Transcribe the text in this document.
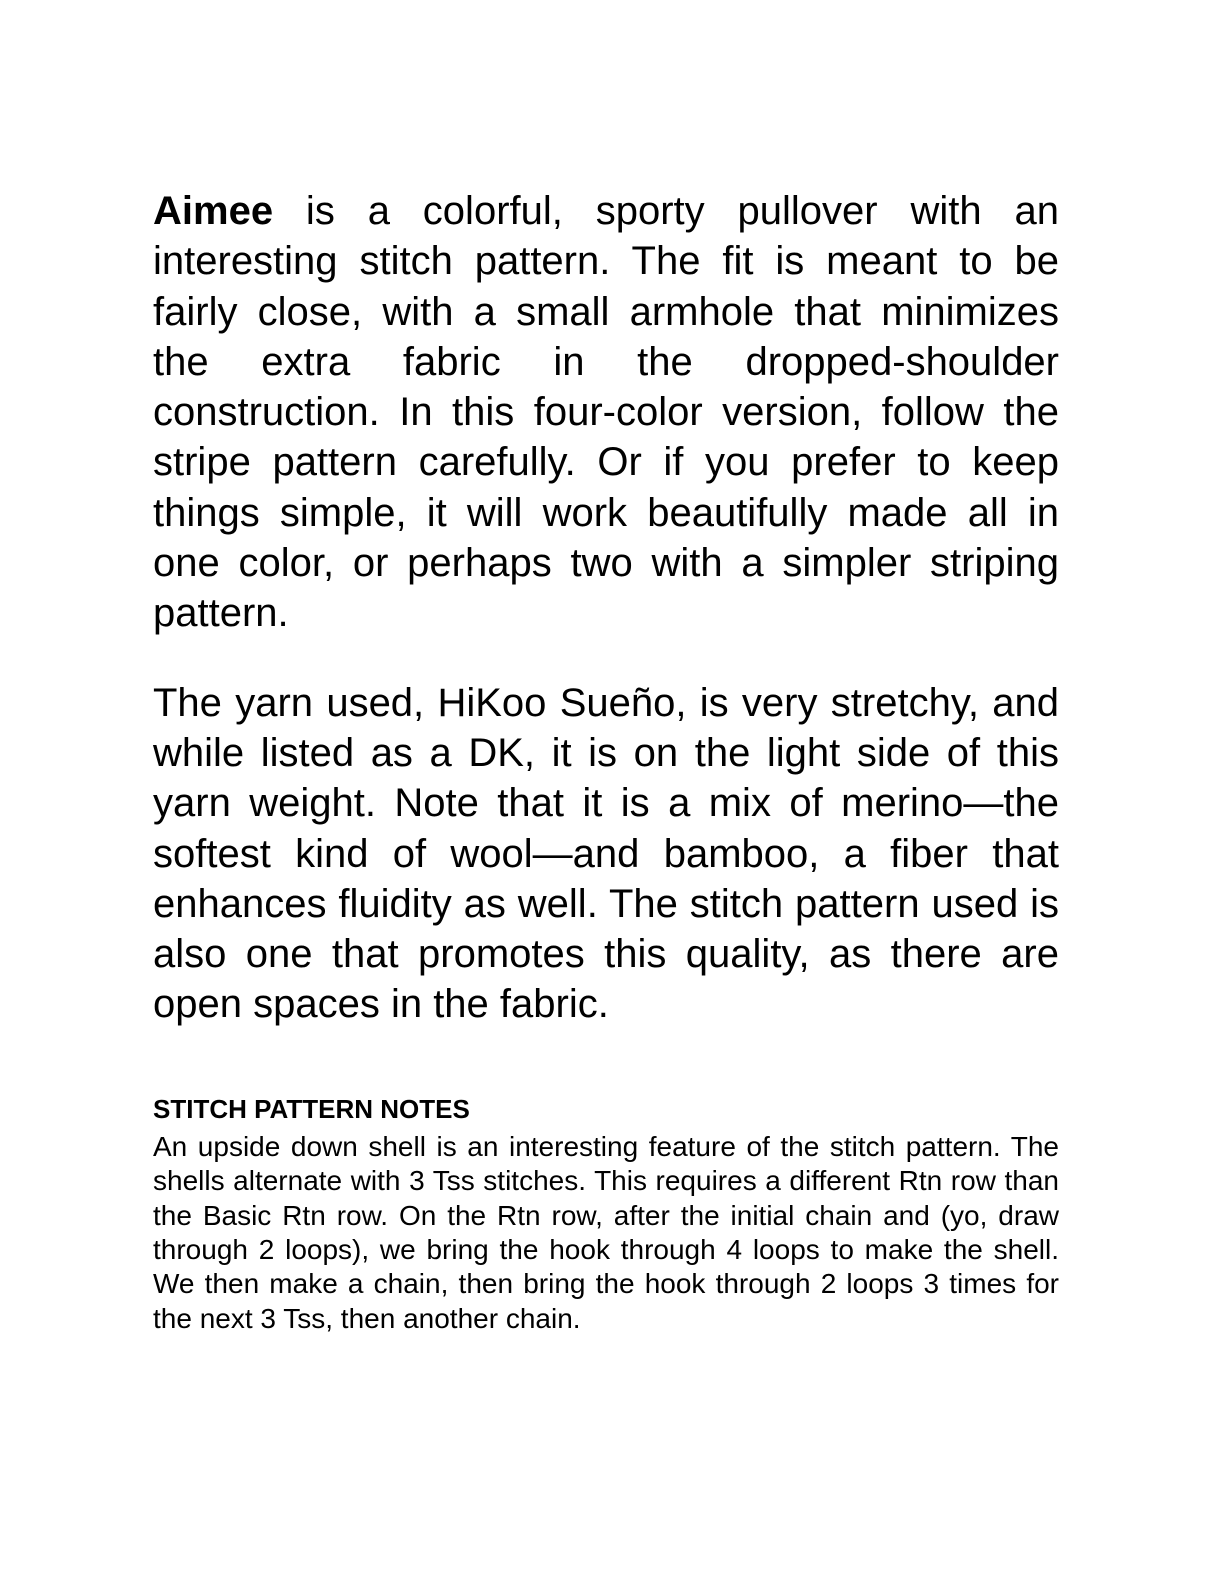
Aimee is a colorful, sporty pullover with an interesting stitch pattern. The fit is meant to be fairly close, with a small armhole that minimizes the extra fabric in the dropped-shoulder construction. In this four-color version, follow the stripe pattern carefully. Or if you prefer to keep things simple, it will work beautifully made all in one color, or perhaps two with a simpler striping pattern.

The yarn used, HiKoo Sueño, is very stretchy, and while listed as a DK, it is on the light side of this yarn weight. Note that it is a mix of merino—the softest kind of wool—and bamboo, a fiber that enhances fluidity as well. The stitch pattern used is also one that promotes this quality, as there are open spaces in the fabric.

STITCH PATTERN NOTES

An upside down shell is an interesting feature of the stitch pattern. The shells alternate with 3 Tss stitches. This requires a different Rtn row than the Basic Rtn row. On the Rtn row, after the initial chain and (yo, draw through 2 loops), we bring the hook through 4 loops to make the shell. We then make a chain, then bring the hook through 2 loops 3 times for the next 3 Tss, then another chain.
